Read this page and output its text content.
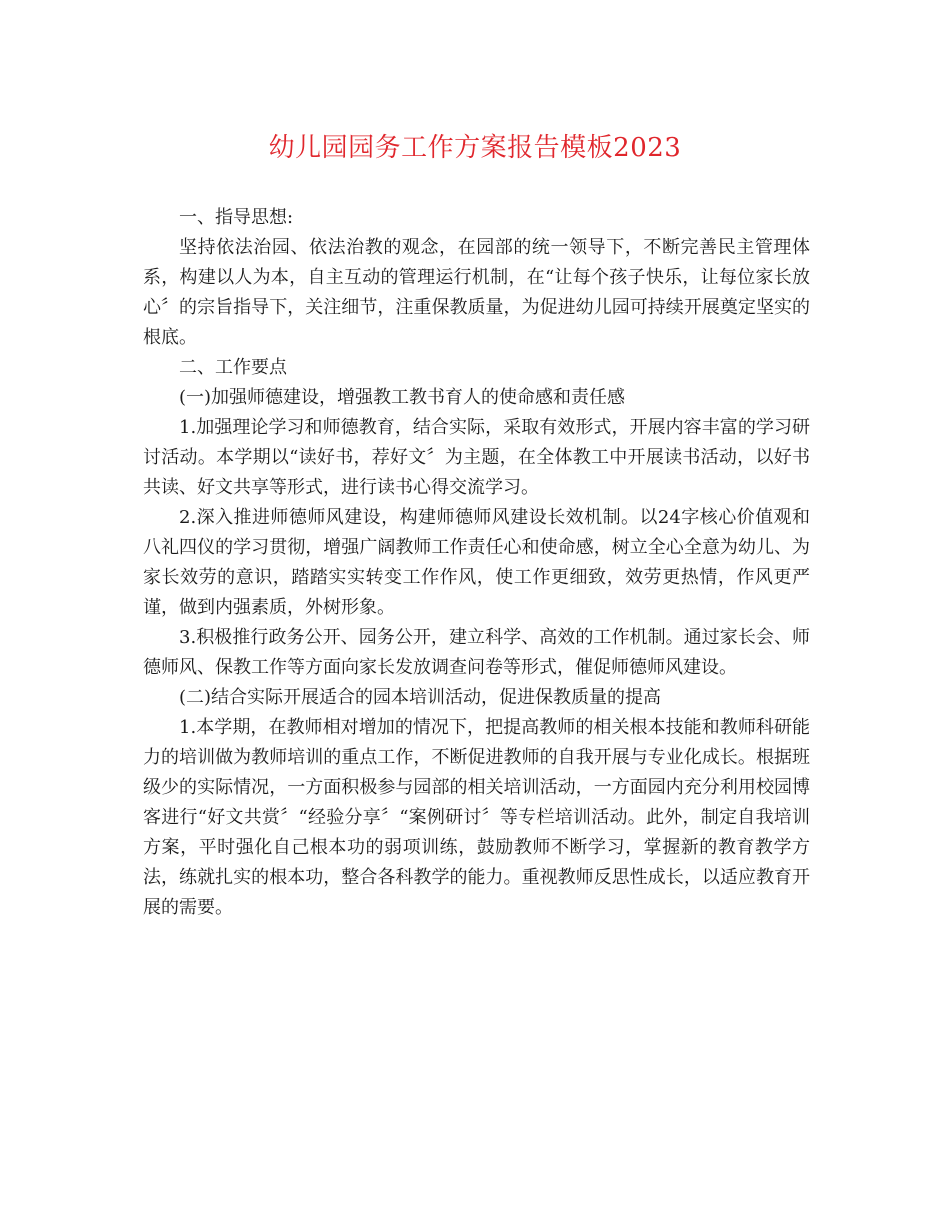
幼儿园园务工作方案报告模板2023

一、指导思想:

坚持依法治园、依法治教的观念，在园部的统一领导下，不断完善民主管理体系，构建以人为本，自主互动的管理运行机制，在“让每个孩子快乐，让每位家长放心〞的宗旨指导下，关注细节，注重保教质量，为促进幼儿园可持续开展奠定坚实的根底。

二、工作要点

(一)加强师德建设，增强教工教书育人的使命感和责任感

1.加强理论学习和师德教育，结合实际，采取有效形式，开展内容丰富的学习研讨活动。本学期以“读好书，荐好文〞为主题，在全体教工中开展读书活动，以好书共读、好文共享等形式，进行读书心得交流学习。

2.深入推进师德师风建设，构建师德师风建设长效机制。以24字核心价值观和八礼四仪的学习贯彻，增强广阔教师工作责任心和使命感，树立全心全意为幼儿、为家长效劳的意识，踏踏实实转变工作作风，使工作更细致，效劳更热情，作风更严谨，做到内强素质，外树形象。

3.积极推行政务公开、园务公开，建立科学、高效的工作机制。通过家长会、师德师风、保教工作等方面向家长发放调查问卷等形式，催促师德师风建设。

(二)结合实际开展适合的园本培训活动，促进保教质量的提高

1.本学期，在教师相对增加的情况下，把提高教师的相关根本技能和教师科研能力的培训做为教师培训的重点工作，不断促进教师的自我开展与专业化成长。根据班级少的实际情况，一方面积极参与园部的相关培训活动，一方面园内充分利用校园博客进行“好文共赏〞“经验分享〞“案例研讨〞等专栏培训活动。此外，制定自我培训方案，平时强化自己根本功的弱项训练，鼓励教师不断学习，掌握新的教育教学方法，练就扎实的根本功，整合各科教学的能力。重视教师反思性成长，以适应教育开展的需要。
